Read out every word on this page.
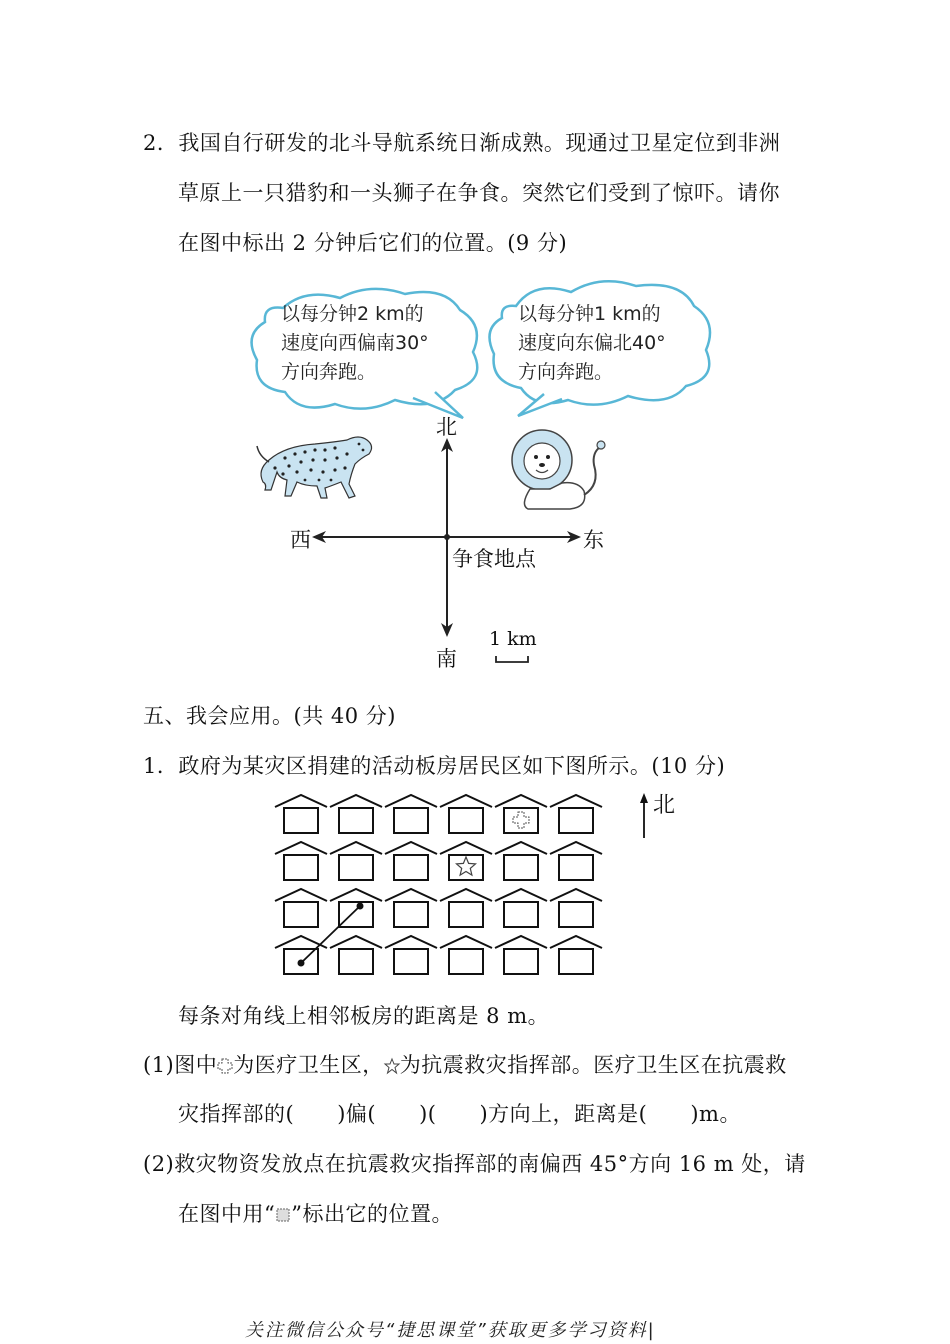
2．我国自行研发的北斗导航系统日渐成熟。现通过卫星定位到非洲
草原上一只猎豹和一头狮子在争食。突然它们受到了惊吓。请你
在图中标出 2 分钟后它们的位置。(9 分)
以每分钟2 km的
速度向西偏南30°
方向奔跑。
以每分钟1 km的
速度向东偏北40°
方向奔跑。
北
南
西	东
争食地点
1 km
五、我会应用。(共 40 分)
1．政府为某灾区捐建的活动板房居民区如下图所示。(10 分)
北
每条对角线上相邻板房的距离是 8 m。
(1)图中 为医疗卫生区， 为抗震救灾指挥部。医疗卫生区在抗震救
灾指挥部的(　　)偏(　　)(　　)方向上，距离是(　　)m。
(2)救灾物资发放点在抗震救灾指挥部的南偏西 45°方向 16 m 处，请
在图中用“ ”标出它的位置。
关注微信公众号“捷思课堂”获取更多学习资料|
